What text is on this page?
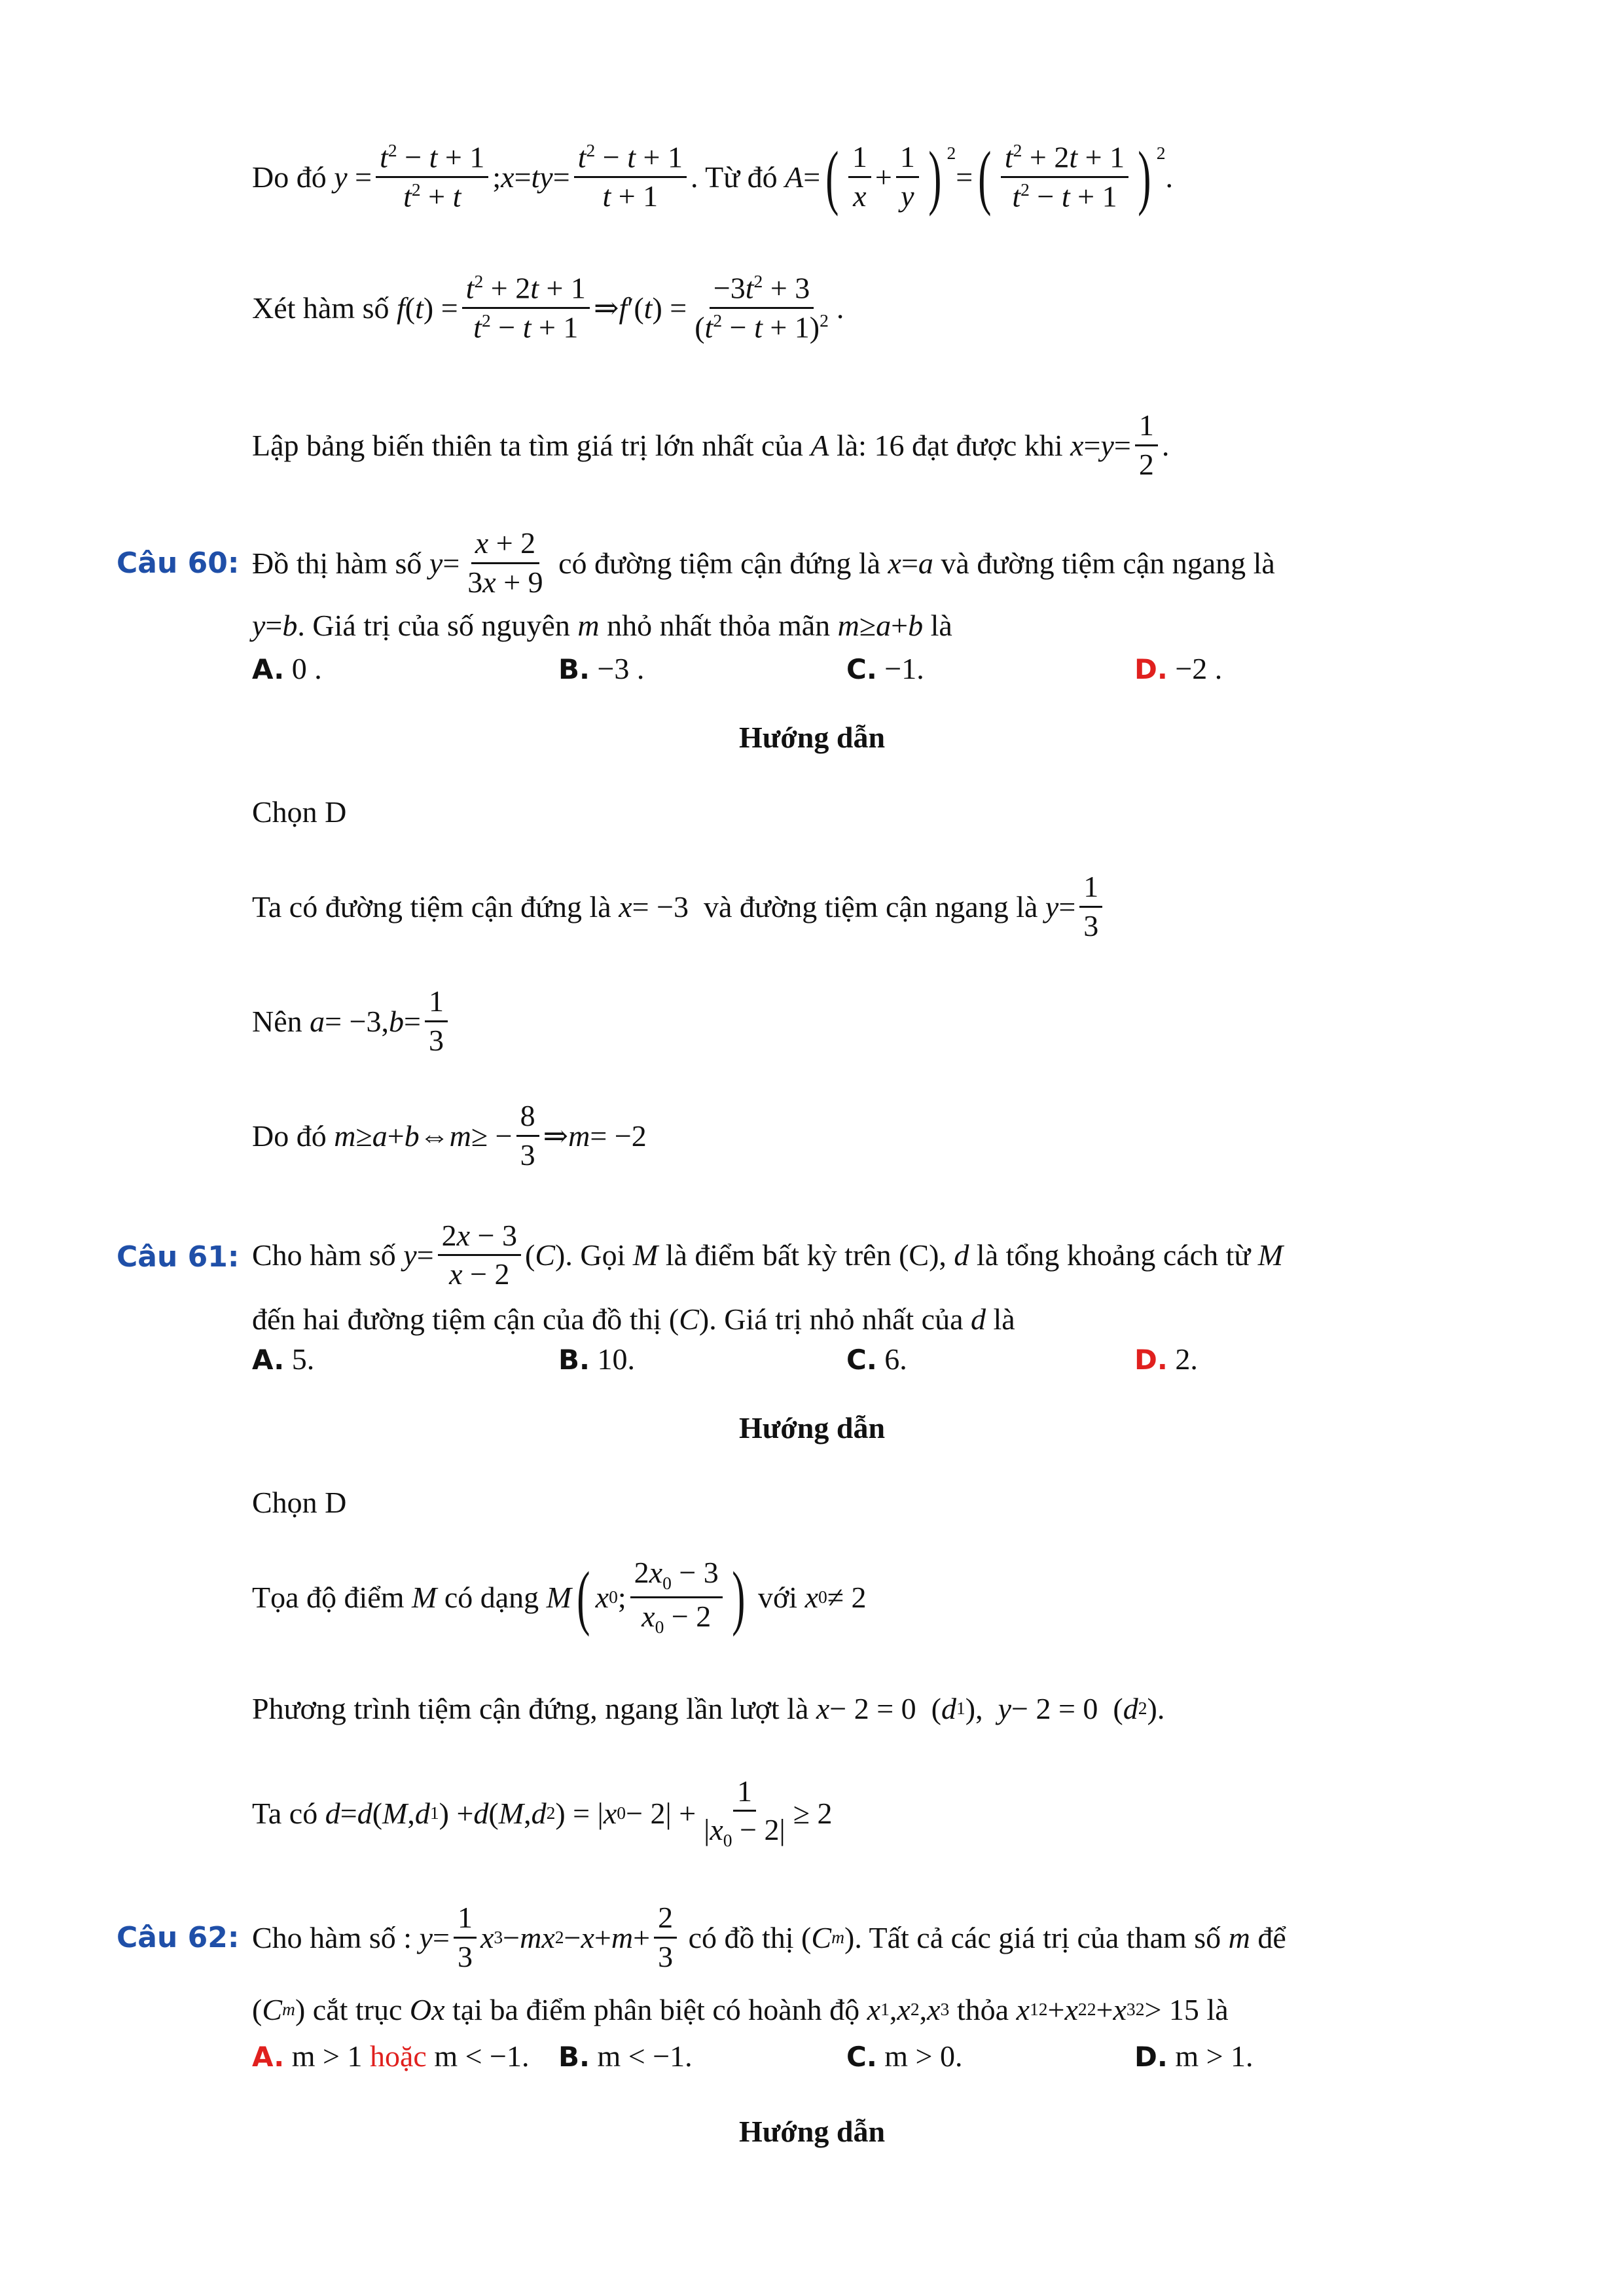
Do đó
$y = \frac{t^2 - t + 1}{t^2 + t}$ ; x = ty = $\frac{t^2 - t + 1}{t + 1}$ . Từ đó
A = ( $\frac{1}{x} + \frac{1}{y}$ ) $^2$
= ( $\frac{t^2 + 2t + 1}{t^2 - t + 1}$ ) $^2$
.
Xét hàm số
f ( t ) = $\frac{t^2 + 2t + 1}{t^2 - t + 1}$ ⇒ f ′( t ) = $\frac{-3t^2 + 3}{(t^2 - t + 1)^2}$ .
Lập bảng biến thiên ta tìm giá trị lớn nhất của
A
là: 16 đạt được khi
$x = y = \frac{1}{2}$ .
Câu 60: Đồ thị hàm số
$y = \frac{x + 2}{3x + 9}$
có đường tiệm cận đứng là
x = a
và đường tiệm cận ngang là
y = b . Giá trị của số nguyên
m
nhỏ nhất thỏa mãn
m ≥ a + b
là
A. 0 .	B. −3 .	C. −1.	D. −2 .
Hướng dẫn
Chọn D
Ta có đường tiệm cận đứng là
x = −3 và đường tiệm cận ngang là
$y = \frac{1}{3}$
Nên
a = −3, $b = \frac{1}{3}$
Do đó
m ≥ a + b ⇔ m ≥ − $\frac{8}{3}$ ⇒ m = −2
Câu 61: Cho hàm số
$y = \frac{2x - 3}{x - 2}$ ( C ) . Gọi
M
là điểm bất kỳ trên (C),
d
là tổng khoảng cách từ
M
đến hai đường tiệm cận của đồ thị ( C ). Giá trị nhỏ nhất của
d
là
A. 5.	B. 10.	C. 6.	D. 2.
Hướng dẫn
Chọn D
Tọa độ điểm
M
có dạng
M ( x 0 ; $\frac{2x_0 - 3}{x_0 - 2}$ )
với
x 0 ≠ 2
Phương trình tiệm cận đứng, ngang lần lượt là
x − 2 = 0  ( d 1 ), y − 2 = 0  ( d 2 ).
Ta có
d = d ( M , d 1 ) + d ( M , d 2 ) = | x $0 - 2| + \frac{1}{|x_0 - 2|} \ge 2$
Câu 62: Cho hàm số :
$y = \frac{1}{3}$ x 3 − mx $2 - x + m + \frac{2}{3}$
có đồ thị ( C m ) . Tất cả các giá trị của tham số
m
để
( C m ) cắt trục
Ox
tại ba điểm phân biệt có hoành độ
x 1 , x 2 , x 3
thỏa
x 1 2 + x 2 2 + x 3 2 > 15 là
A. m > 1 hoặc m < −1. B. m < −1.	C. m > 0.	D. m > 1.
Hướng dẫn
